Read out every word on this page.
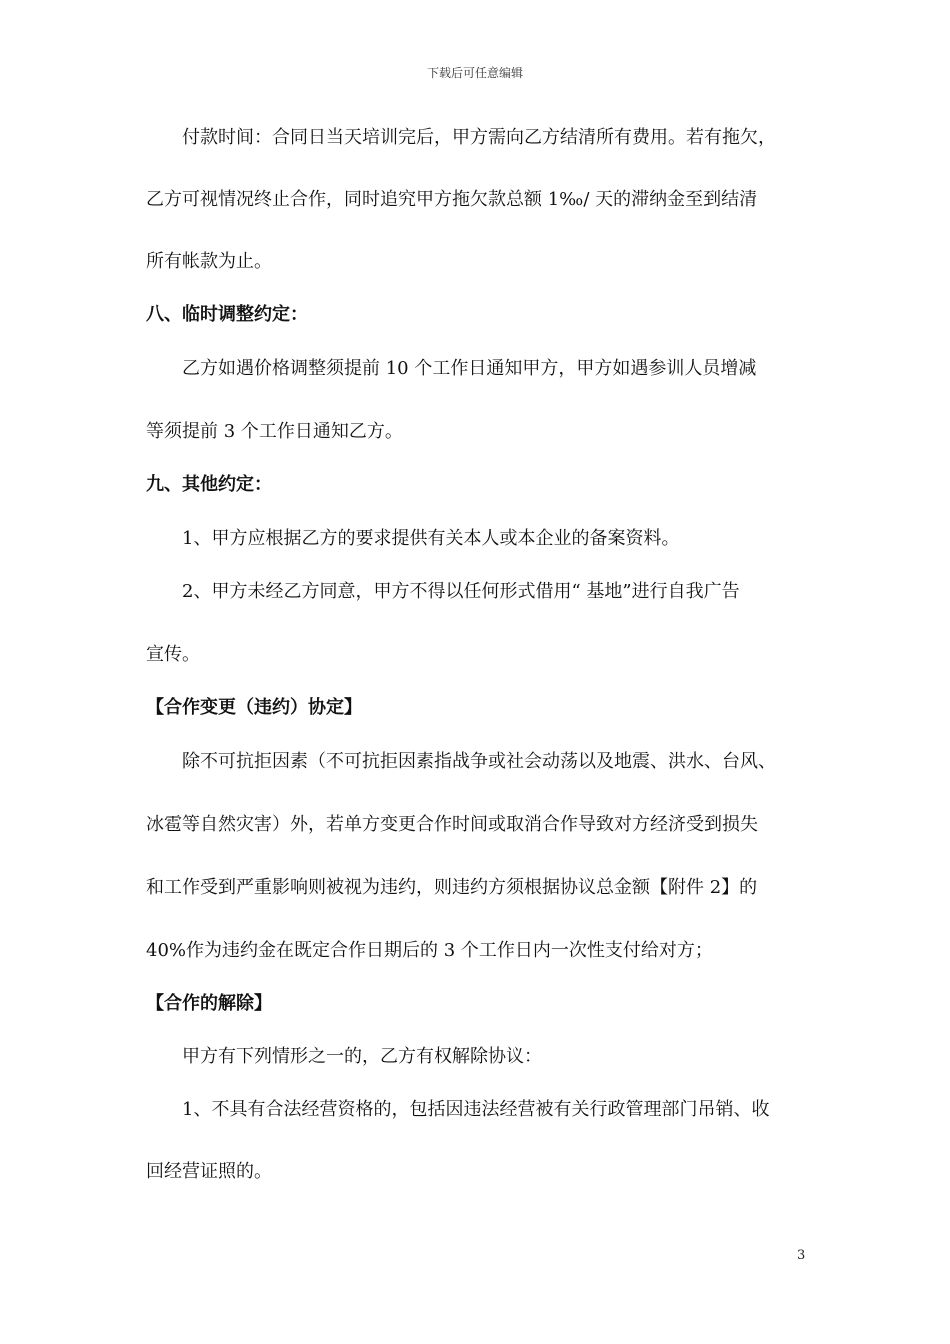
下载后可任意编辑
付款时间：合同日当天培训完后，甲方需向乙方结清所有费用。若有拖欠，
乙方可视情况终止合作，同时追究甲方拖欠款总额 1‰/ 天的滞纳金至到结清
所有帐款为止。
八、临时调整约定：
乙方如遇价格调整须提前 10 个工作日通知甲方，甲方如遇参训人员增减
等须提前 3 个工作日通知乙方。
九、其他约定：
1、甲方应根据乙方的要求提供有关本人或本企业的备案资料。
2、甲方未经乙方同意，甲方不得以任何形式借用“ 基地”进行自我广告
宣传。
【合作变更（违约）协定】
除不可抗拒因素（不可抗拒因素指战争或社会动荡以及地震、洪水、台风、
冰雹等自然灾害）外，若单方变更合作时间或取消合作导致对方经济受到损失
和工作受到严重影响则被视为违约，则违约方须根据协议总金额【附件 2】的
40%作为违约金在既定合作日期后的 3 个工作日内一次性支付给对方；
【合作的解除】
甲方有下列情形之一的，乙方有权解除协议：
1、不具有合法经营资格的，包括因违法经营被有关行政管理部门吊销、收
回经营证照的。
3
